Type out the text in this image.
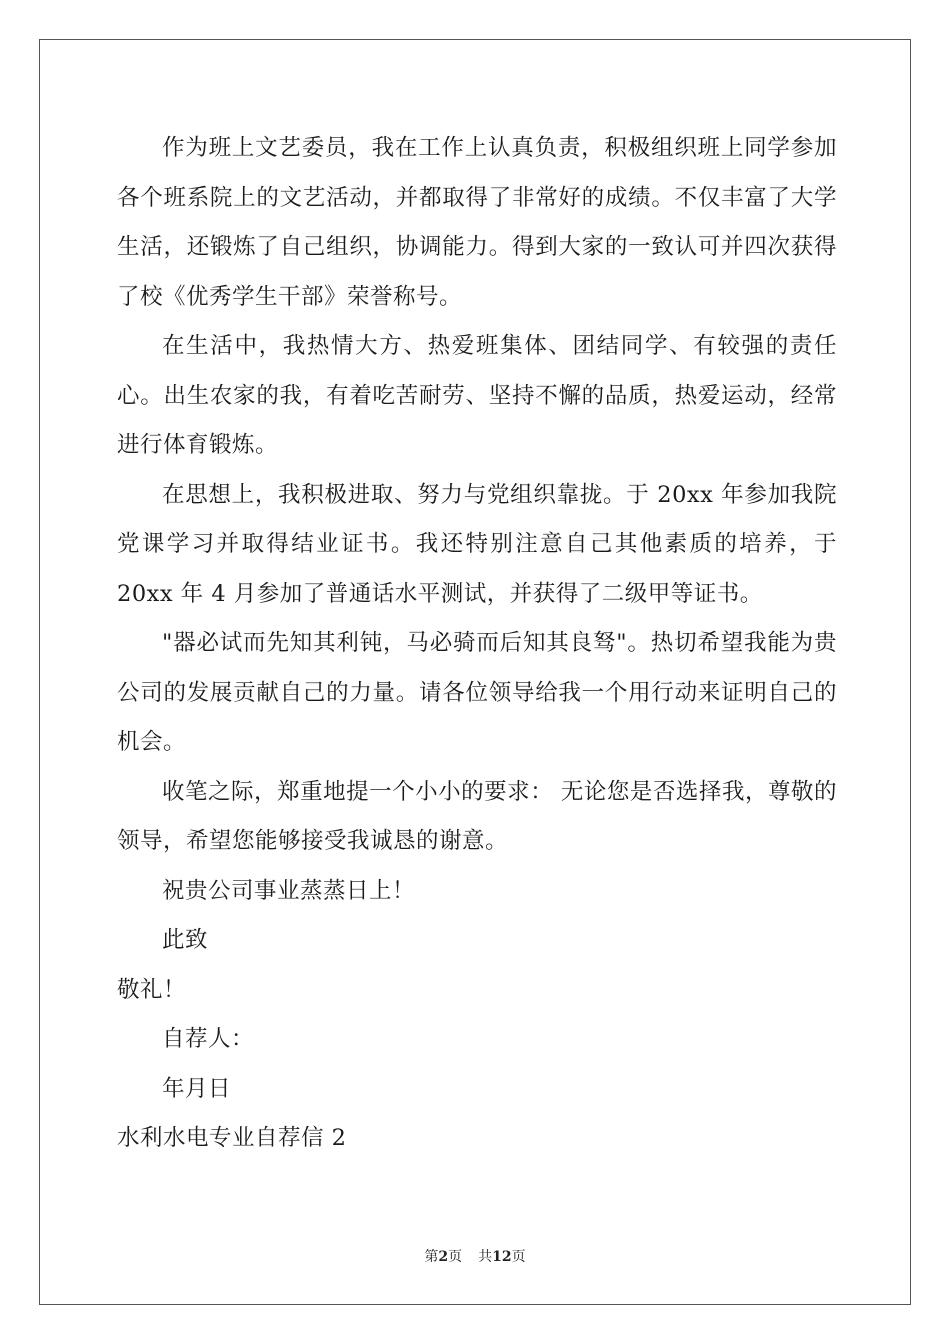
作为班上文艺委员，我在工作上认真负责，积极组织班上同学参加各个班系院上的文艺活动，并都取得了非常好的成绩。不仅丰富了大学生活，还锻炼了自己组织，协调能力。得到大家的一致认可并四次获得了校《优秀学生干部》荣誉称号。

在生活中，我热情大方、热爱班集体、团结同学、有较强的责任心。出生农家的我，有着吃苦耐劳、坚持不懈的品质，热爱运动，经常进行体育锻炼。

在思想上，我积极进取、努力与党组织靠拢。于 20xx 年参加我院党课学习并取得结业证书。我还特别注意自己其他素质的培养，于 20xx 年 4 月参加了普通话水平测试，并获得了二级甲等证书。

"器必试而先知其利钝，马必骑而后知其良驽"。热切希望我能为贵公司的发展贡献自己的力量。请各位领导给我一个用行动来证明自己的机会。

收笔之际，郑重地提一个小小的要求： 无论您是否选择我，尊敬的领导，希望您能够接受我诚恳的谢意。

祝贵公司事业蒸蒸日上！

此致

敬礼！

自荐人：

年月日

水利水电专业自荐信 2

第2页 共12页
